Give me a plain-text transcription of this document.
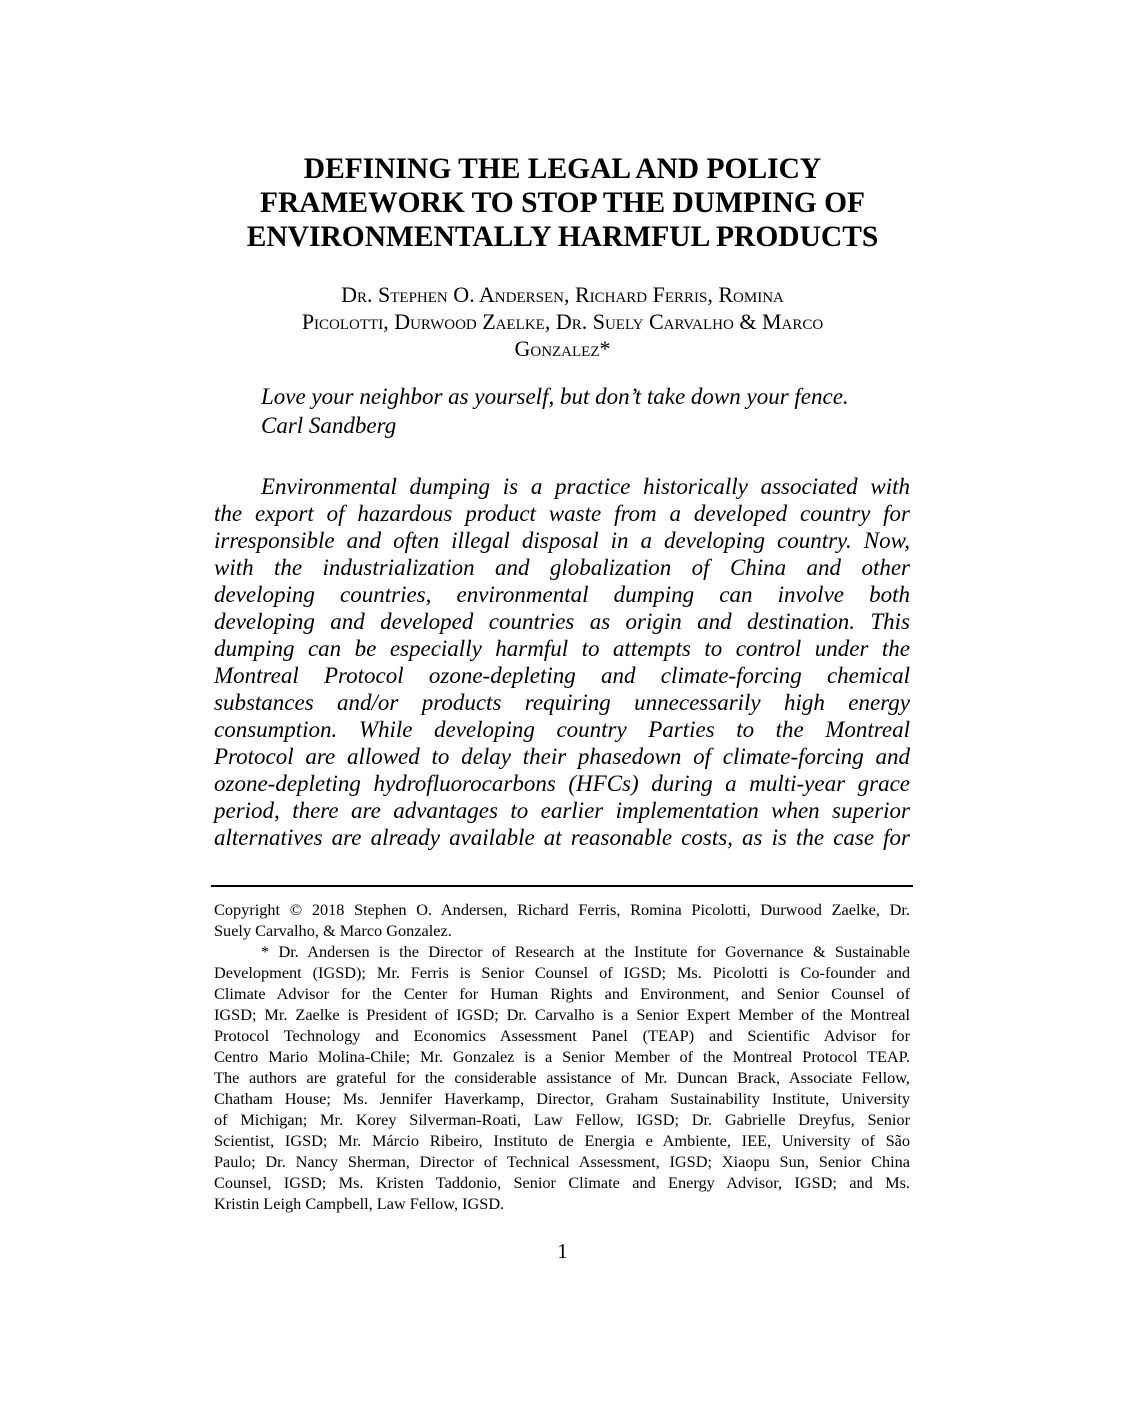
DEFINING THE LEGAL AND POLICY
FRAMEWORK TO STOP THE DUMPING OF
ENVIRONMENTALLY HARMFUL PRODUCTS

Dr. Stephen O. Andersen, Richard Ferris, Romina
Picolotti, Durwood Zaelke, Dr. Suely Carvalho & Marco
Gonzalez*

Love your neighbor as yourself, but don’t take down your fence.
Carl Sandberg
Environmental dumping is a practice historically associated with
the export of hazardous product waste from a developed country for
irresponsible and often illegal disposal in a developing country. Now,
with the industrialization and globalization of China and other
developing countries, environmental dumping can involve both
developing and developed countries as origin and destination. This
dumping can be especially harmful to attempts to control under the
Montreal Protocol ozone-depleting and climate-forcing chemical
substances and/or products requiring unnecessarily high energy
consumption. While developing country Parties to the Montreal
Protocol are allowed to delay their phasedown of climate-forcing and
ozone-depleting hydrofluorocarbons (HFCs) during a multi-year grace
period, there are advantages to earlier implementation when superior
alternatives are already available at reasonable costs, as is the case for
Copyright © 2018 Stephen O. Andersen, Richard Ferris, Romina Picolotti, Durwood Zaelke, Dr.
Suely Carvalho, & Marco Gonzalez.
* Dr. Andersen is the Director of Research at the Institute for Governance & Sustainable
Development (IGSD); Mr. Ferris is Senior Counsel of IGSD; Ms. Picolotti is Co-founder and
Climate Advisor for the Center for Human Rights and Environment, and Senior Counsel of
IGSD; Mr. Zaelke is President of IGSD; Dr. Carvalho is a Senior Expert Member of the Montreal
Protocol Technology and Economics Assessment Panel (TEAP) and Scientific Advisor for
Centro Mario Molina-Chile; Mr. Gonzalez is a Senior Member of the Montreal Protocol TEAP.
The authors are grateful for the considerable assistance of Mr. Duncan Brack, Associate Fellow,
Chatham House; Ms. Jennifer Haverkamp, Director, Graham Sustainability Institute, University
of Michigan; Mr. Korey Silverman-Roati, Law Fellow, IGSD; Dr. Gabrielle Dreyfus, Senior
Scientist, IGSD; Mr. Márcio Ribeiro, Instituto de Energia e Ambiente, IEE, University of São
Paulo; Dr. Nancy Sherman, Director of Technical Assessment, IGSD; Xiaopu Sun, Senior China
Counsel, IGSD; Ms. Kristen Taddonio, Senior Climate and Energy Advisor, IGSD; and Ms.
Kristin Leigh Campbell, Law Fellow, IGSD.
1
